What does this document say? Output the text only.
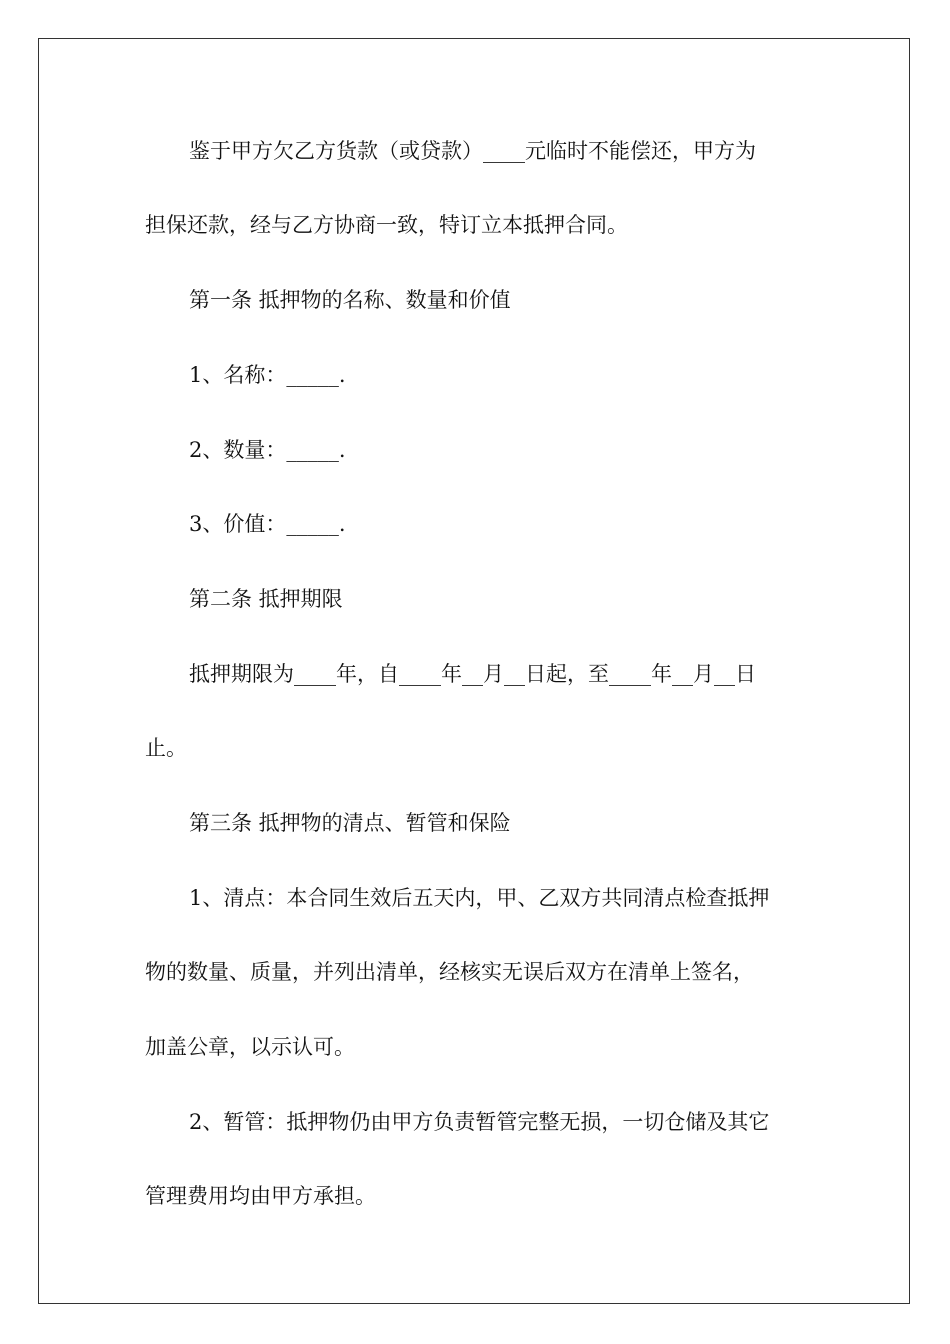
鉴于甲方欠乙方货款（或贷款）____元临时不能偿还，甲方为
担保还款，经与乙方协商一致，特订立本抵押合同。
第一条 抵押物的名称、数量和价值
1、名称：_____.
2、数量：_____.
3、价值：_____.
第二条 抵押期限
抵押期限为____年，自____年__月__日起，至____年__月__日
止。
第三条 抵押物的清点、暂管和保险
1、清点：本合同生效后五天内，甲、乙双方共同清点检查抵押
物的数量、质量，并列出清单，经核实无误后双方在清单上签名，
加盖公章，以示认可。
2、暂管：抵押物仍由甲方负责暂管完整无损，一切仓储及其它
管理费用均由甲方承担。
